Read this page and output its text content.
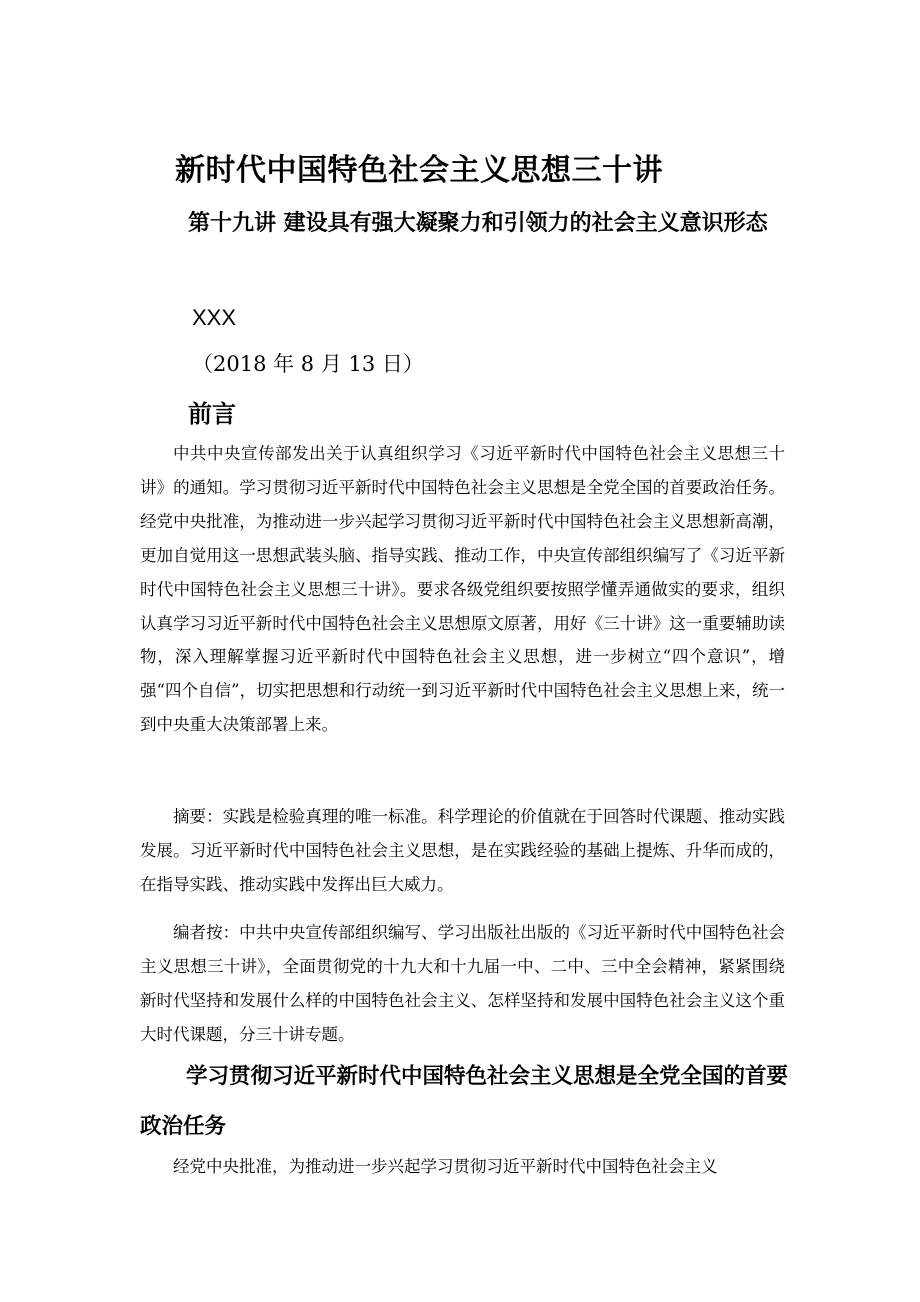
新时代中国特色社会主义思想三十讲
第十九讲 建设具有强大凝聚力和引领力的社会主义意识形态
XXX
（2018 年 8 月 13 日）
前言

中共中央宣传部发出关于认真组织学习《习近平新时代中国特色社会主义思想三十讲》的通知。学习贯彻习近平新时代中国特色社会主义思想是全党全国的首要政治任务。经党中央批准，为推动进一步兴起学习贯彻习近平新时代中国特色社会主义思想新高潮，更加自觉用这一思想武装头脑、指导实践、推动工作，中央宣传部组织编写了《习近平新时代中国特色社会主义思想三十讲》。要求各级党组织要按照学懂弄通做实的要求，组织认真学习习近平新时代中国特色社会主义思想原文原著，用好《三十讲》这一重要辅助读物，深入理解掌握习近平新时代中国特色社会主义思想，进一步树立“四个意识”，增强“四个自信”，切实把思想和行动统一到习近平新时代中国特色社会主义思想上来，统一到中央重大决策部署上来。

摘要：实践是检验真理的唯一标准。科学理论的价值就在于回答时代课题、推动实践发展。习近平新时代中国特色社会主义思想，是在实践经验的基础上提炼、升华而成的，在指导实践、推动实践中发挥出巨大威力。

编者按：中共中央宣传部组织编写、学习出版社出版的《习近平新时代中国特色社会主义思想三十讲》，全面贯彻党的十九大和十九届一中、二中、三中全会精神，紧紧围绕新时代坚持和发展什么样的中国特色社会主义、怎样坚持和发展中国特色社会主义这个重大时代课题，分三十讲专题。

学习贯彻习近平新时代中国特色社会主义思想是全党全国的首要政治任务

经党中央批准，为推动进一步兴起学习贯彻习近平新时代中国特色社会主义
